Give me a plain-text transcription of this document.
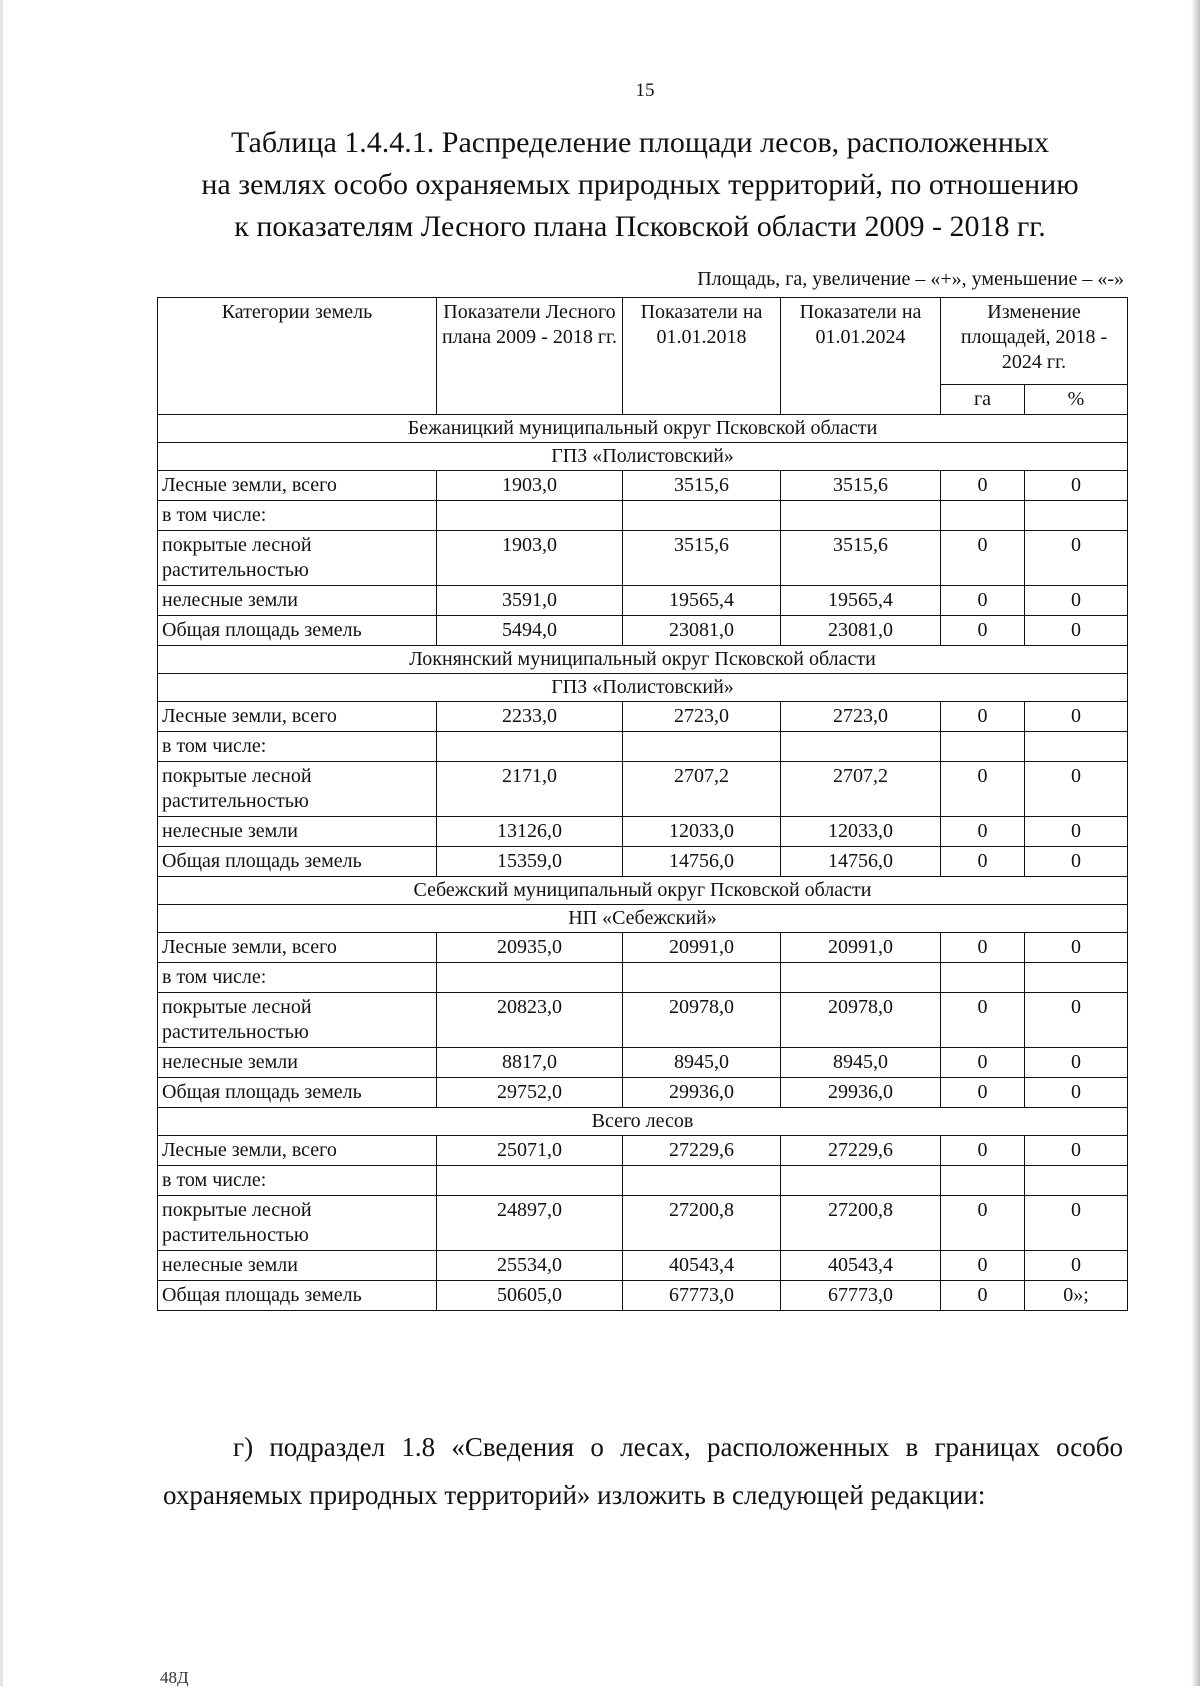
15
Таблица 1.4.4.1. Распределение площади лесов, расположенных
на землях особо охраняемых природных территорий, по отношению
к показателям Лесного плана Псковской области 2009 - 2018 гг.
Площадь, га, увеличение – «+», уменьшение – «-»
Категории земель	Показатели Лесного плана 2009 - 2018 гг.	Показатели на 01.01.2018	Показатели на 01.01.2024	Изменение площадей, 2018 - 2024 гг.	
				га	%
Бежаницкий муниципальный округ Псковской области					
ГПЗ «Полистовский»					
Лесные земли, всего	1903,0	3515,6	3515,6	0	0
в том числе:					
покрытые лесной растительностью	1903,0	3515,6	3515,6	0	0
нелесные земли	3591,0	19565,4	19565,4	0	0
Общая площадь земель	5494,0	23081,0	23081,0	0	0
Локнянский муниципальный округ Псковской области					
ГПЗ «Полистовский»					
Лесные земли, всего	2233,0	2723,0	2723,0	0	0
в том числе:					
покрытые лесной растительностью	2171,0	2707,2	2707,2	0	0
нелесные земли	13126,0	12033,0	12033,0	0	0
Общая площадь земель	15359,0	14756,0	14756,0	0	0
Себежский муниципальный округ Псковской области					
НП «Себежский»					
Лесные земли, всего	20935,0	20991,0	20991,0	0	0
в том числе:					
покрытые лесной растительностью	20823,0	20978,0	20978,0	0	0
нелесные земли	8817,0	8945,0	8945,0	0	0
Общая площадь земель	29752,0	29936,0	29936,0	0	0
Всего лесов					
Лесные земли, всего	25071,0	27229,6	27229,6	0	0
в том числе:					
покрытые лесной растительностью	24897,0	27200,8	27200,8	0	0
нелесные земли	25534,0	40543,4	40543,4	0	0
Общая площадь земель	50605,0	67773,0	67773,0	0	0»;
г) подраздел 1.8 «Сведения о лесах, расположенных в границах особо охраняемых природных территорий» изложить в следующей редакции:
48Д
